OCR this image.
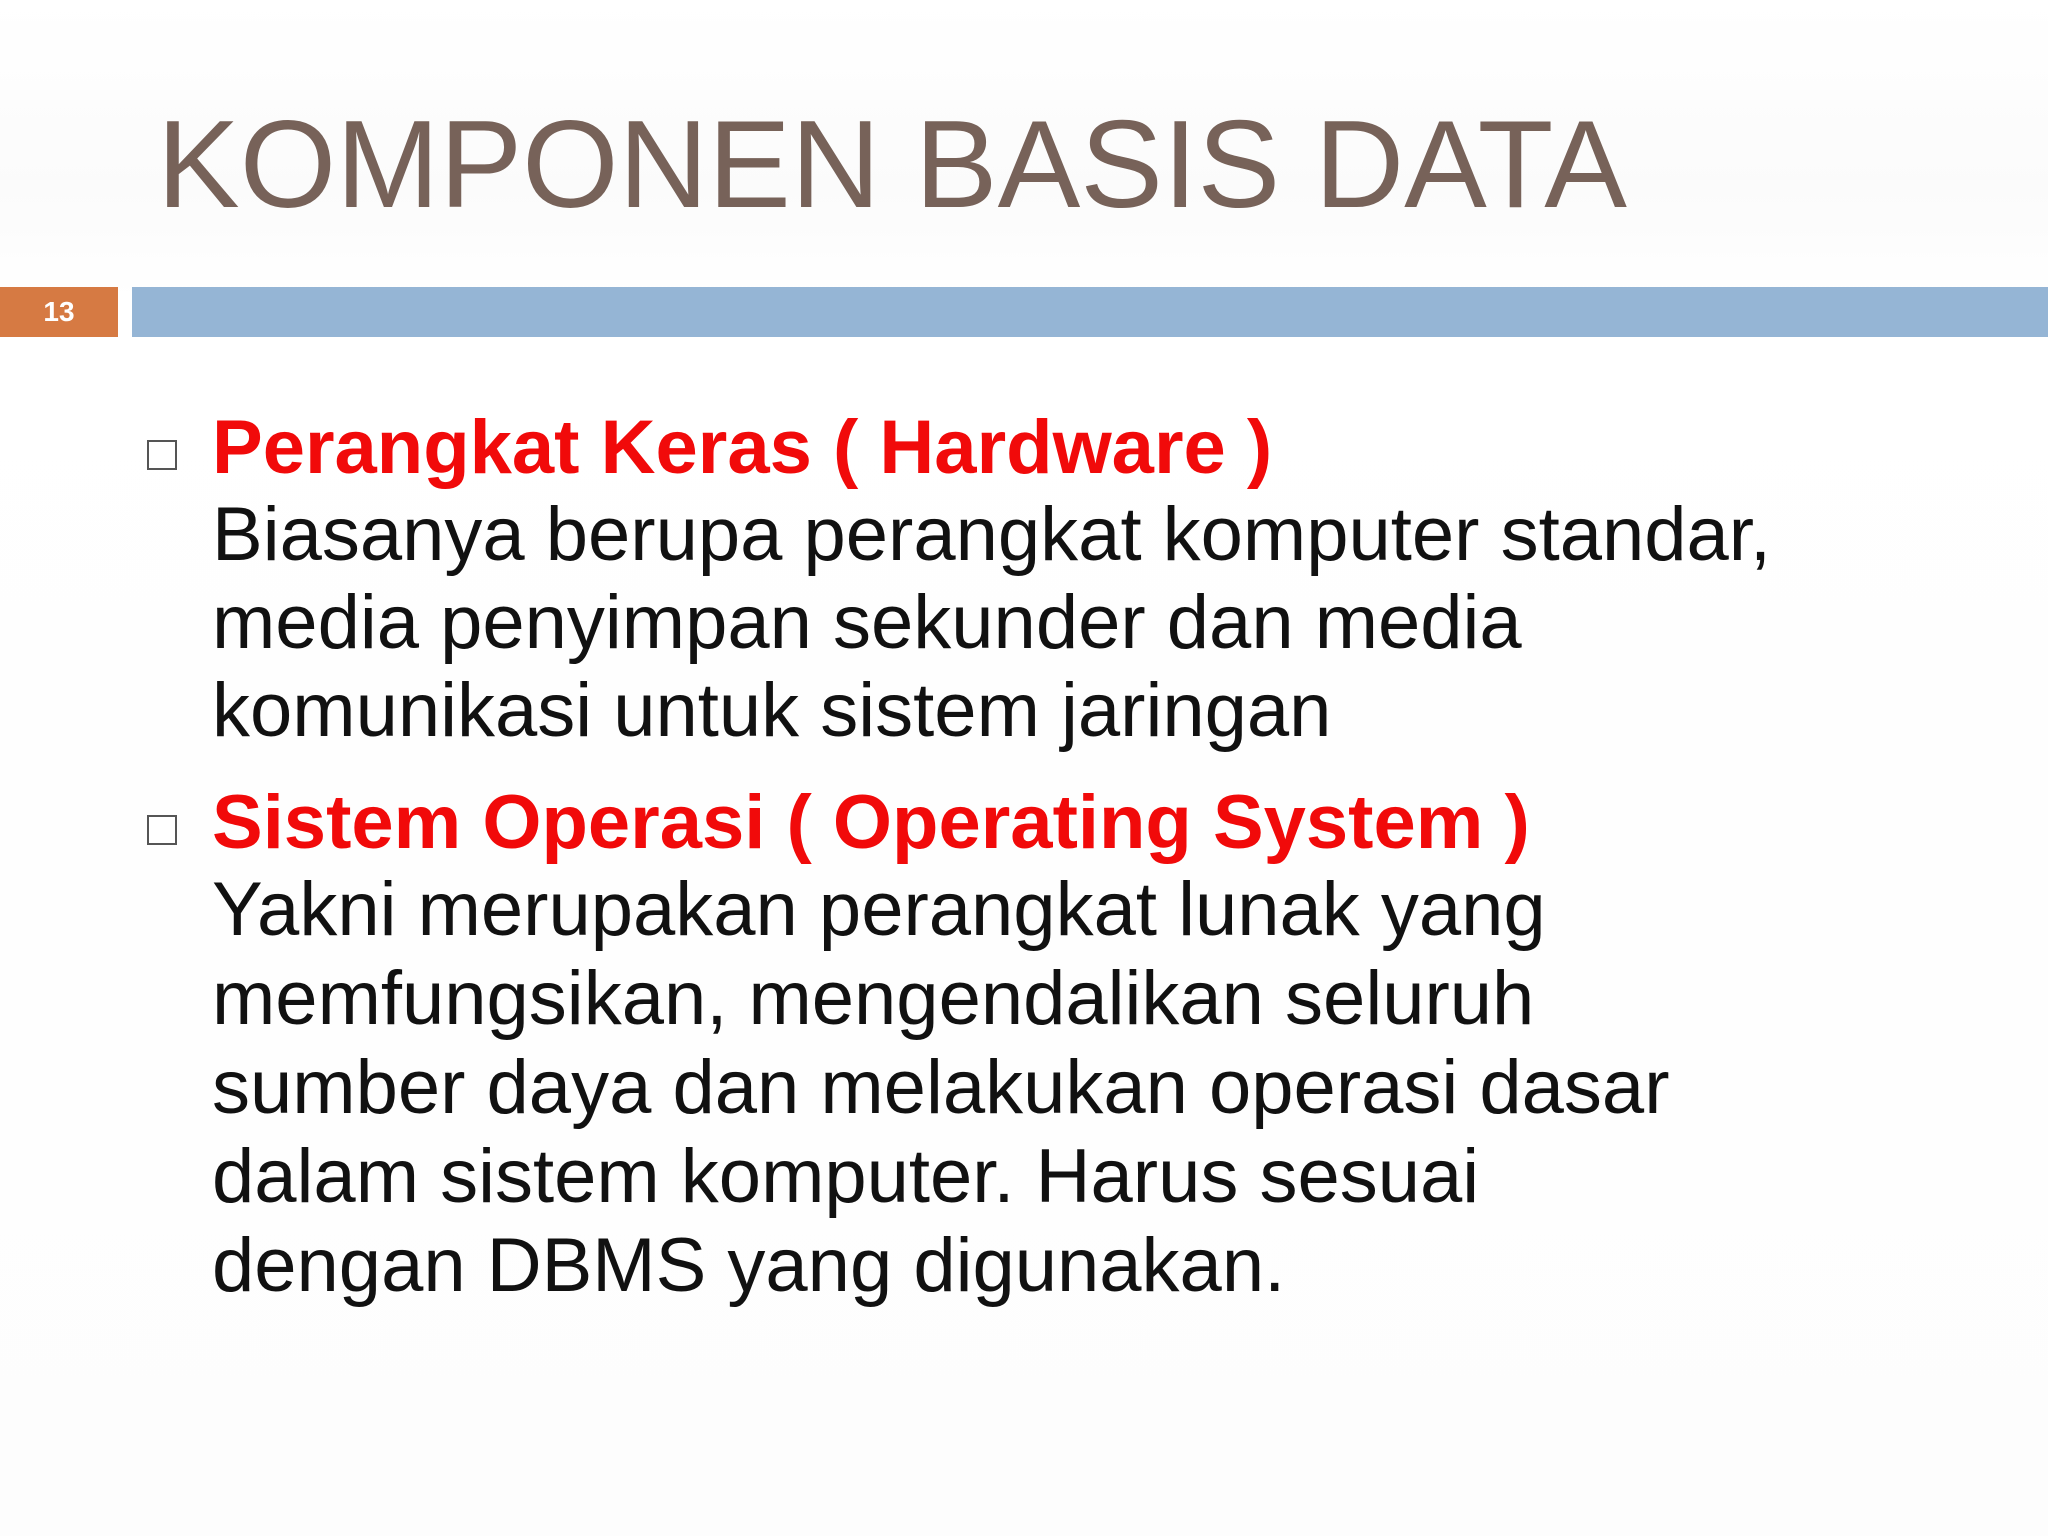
KOMPONEN BASIS DATA
13

Perangkat Keras ( Hardware )

Biasanya berupa perangkat komputer standar,

media penyimpan sekunder dan media

komunikasi untuk sistem jaringan

Sistem Operasi ( Operating System )

Yakni merupakan perangkat lunak yang

memfungsikan, mengendalikan seluruh

sumber daya dan melakukan operasi dasar

dalam sistem komputer. Harus sesuai

dengan DBMS yang digunakan.
